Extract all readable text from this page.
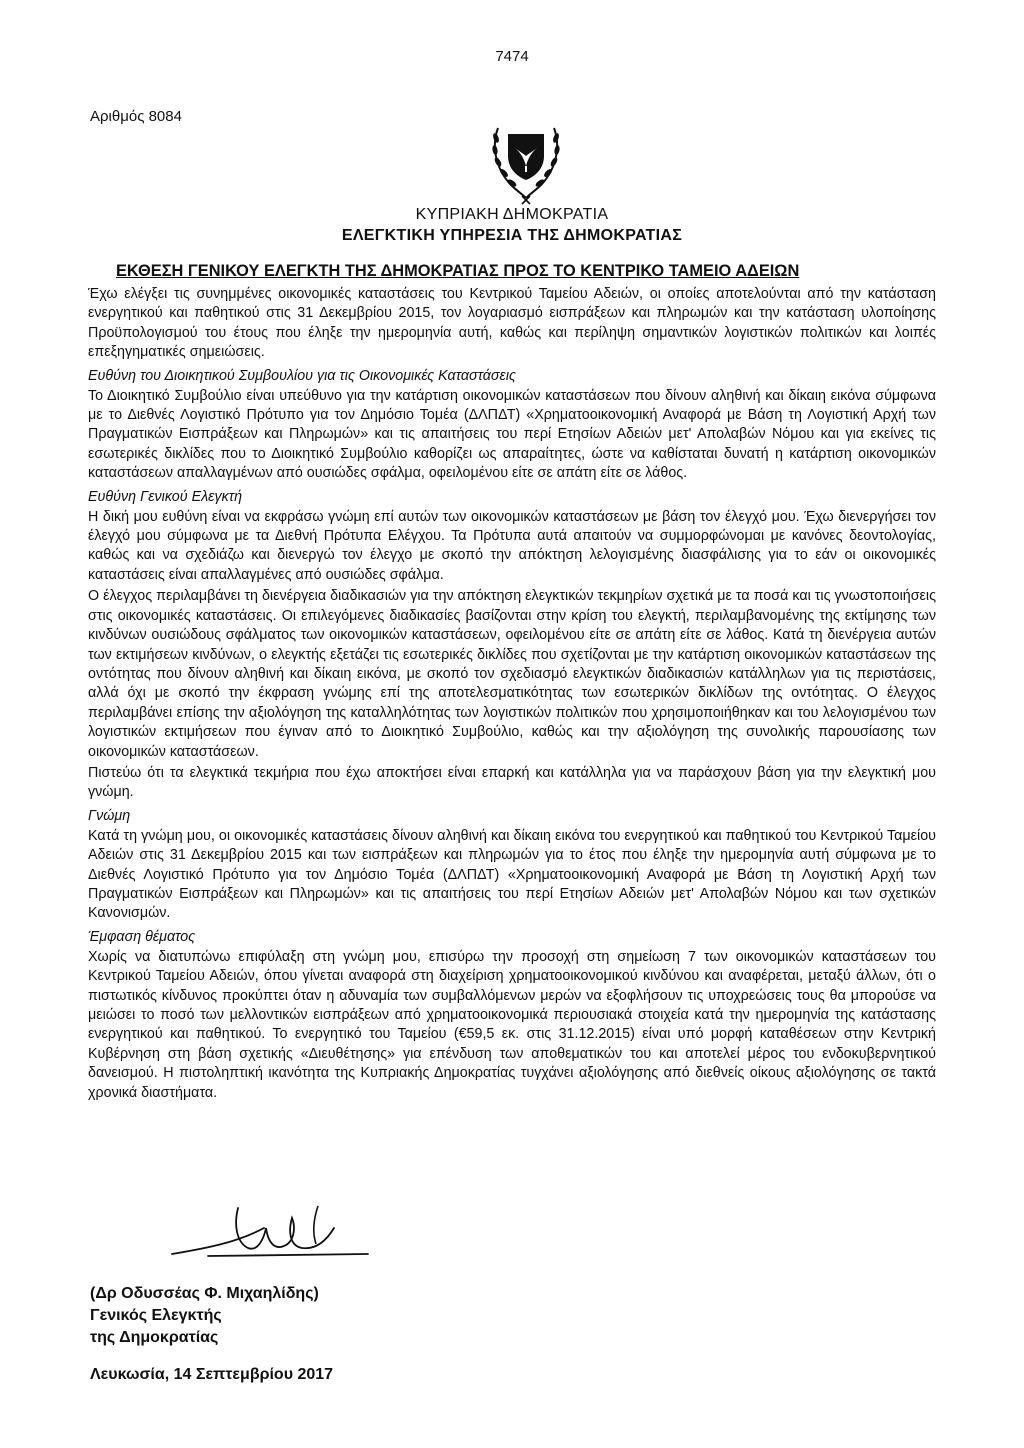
7474
Αριθμός 8084
ΚΥΠΡΙΑΚΗ ΔΗΜΟΚΡΑΤΙΑ
ΕΛΕΓΚΤΙΚΗ ΥΠΗΡΕΣΙΑ ΤΗΣ ΔΗΜΟΚΡΑΤΙΑΣ
ΕΚΘΕΣΗ ΓΕΝΙΚΟΥ ΕΛΕΓΚΤΗ ΤΗΣ ΔΗΜΟΚΡΑΤΙΑΣ ΠΡΟΣ ΤΟ ΚΕΝΤΡΙΚΟ ΤΑΜΕΙΟ ΑΔΕΙΩΝ

Έχω ελέγξει τις συνημμένες οικονομικές καταστάσεις του Κεντρικού Ταμείου Αδειών, οι οποίες αποτελούνται από την κατάσταση ενεργητικού και παθητικού στις 31 Δεκεμβρίου 2015, τον λογαριασμό εισπράξεων και πληρωμών και την κατάσταση υλοποίησης Προϋπολογισμού του έτους που έληξε την ημερομηνία αυτή, καθώς και περίληψη σημαντικών λογιστικών πολιτικών και λοιπές επεξηγηματικές σημειώσεις.

Ευθύνη του Διοικητικού Συμβουλίου για τις Οικονομικές Καταστάσεις

Το Διοικητικό Συμβούλιο είναι υπεύθυνο για την κατάρτιση οικονομικών καταστάσεων που δίνουν αληθινή και δίκαιη εικόνα σύμφωνα με το Διεθνές Λογιστικό Πρότυπο για τον Δημόσιο Τομέα (ΔΛΠΔΤ) «Χρηματοοικονομική Αναφορά με Βάση τη Λογιστική Αρχή των Πραγματικών Εισπράξεων και Πληρωμών» και τις απαιτήσεις του περί Ετησίων Αδειών μετ' Απολαβών Νόμου και για εκείνες τις εσωτερικές δικλίδες που το Διοικητικό Συμβούλιο καθορίζει ως απαραίτητες, ώστε να καθίσταται δυνατή η κατάρτιση οικονομικών καταστάσεων απαλλαγμένων από ουσιώδες σφάλμα, οφειλομένου είτε σε απάτη είτε σε λάθος.

Ευθύνη Γενικού Ελεγκτή

Η δική μου ευθύνη είναι να εκφράσω γνώμη επί αυτών των οικονομικών καταστάσεων με βάση τον έλεγχό μου. Έχω διενεργήσει τον έλεγχό μου σύμφωνα με τα Διεθνή Πρότυπα Ελέγχου. Τα Πρότυπα αυτά απαιτούν να συμμορφώνομαι με κανόνες δεοντολογίας, καθώς και να σχεδιάζω και διενεργώ τον έλεγχο με σκοπό την απόκτηση λελογισμένης διασφάλισης για το εάν οι οικονομικές καταστάσεις είναι απαλλαγμένες από ουσιώδες σφάλμα.

Ο έλεγχος περιλαμβάνει τη διενέργεια διαδικασιών για την απόκτηση ελεγκτικών τεκμηρίων σχετικά με τα ποσά και τις γνωστοποιήσεις στις οικονομικές καταστάσεις. Οι επιλεγόμενες διαδικασίες βασίζονται στην κρίση του ελεγκτή, περιλαμβανομένης της εκτίμησης των κινδύνων ουσιώδους σφάλματος των οικονομικών καταστάσεων, οφειλομένου είτε σε απάτη είτε σε λάθος. Κατά τη διενέργεια αυτών των εκτιμήσεων κινδύνων, ο ελεγκτής εξετάζει τις εσωτερικές δικλίδες που σχετίζονται με την κατάρτιση οικονομικών καταστάσεων της οντότητας που δίνουν αληθινή και δίκαιη εικόνα, με σκοπό τον σχεδιασμό ελεγκτικών διαδικασιών κατάλληλων για τις περιστάσεις, αλλά όχι με σκοπό την έκφραση γνώμης επί της αποτελεσματικότητας των εσωτερικών δικλίδων της οντότητας. Ο έλεγχος περιλαμβάνει επίσης την αξιολόγηση της καταλληλότητας των λογιστικών πολιτικών που χρησιμοποιήθηκαν και του λελογισμένου των λογιστικών εκτιμήσεων που έγιναν από το Διοικητικό Συμβούλιο, καθώς και την αξιολόγηση της συνολικής παρουσίασης των οικονομικών καταστάσεων.

Πιστεύω ότι τα ελεγκτικά τεκμήρια που έχω αποκτήσει είναι επαρκή και κατάλληλα για να παράσχουν βάση για την ελεγκτική μου γνώμη.

Γνώμη

Κατά τη γνώμη μου, οι οικονομικές καταστάσεις δίνουν αληθινή και δίκαιη εικόνα του ενεργητικού και παθητικού του Κεντρικού Ταμείου Αδειών στις 31 Δεκεμβρίου 2015 και των εισπράξεων και πληρωμών για το έτος που έληξε την ημερομηνία αυτή σύμφωνα με το Διεθνές Λογιστικό Πρότυπο για τον Δημόσιο Τομέα (ΔΛΠΔΤ) «Χρηματοοικονομική Αναφορά με Βάση τη Λογιστική Αρχή των Πραγματικών Εισπράξεων και Πληρωμών» και τις απαιτήσεις του περί Ετησίων Αδειών μετ' Απολαβών Νόμου και των σχετικών Κανονισμών.

Έμφαση θέματος

Χωρίς να διατυπώνω επιφύλαξη στη γνώμη μου, επισύρω την προσοχή στη σημείωση 7 των οικονομικών καταστάσεων του Κεντρικού Ταμείου Αδειών, όπου γίνεται αναφορά στη διαχείριση χρηματοοικονομικού κινδύνου και αναφέρεται, μεταξύ άλλων, ότι ο πιστωτικός κίνδυνος προκύπτει όταν η αδυναμία των συμβαλλόμενων μερών να εξοφλήσουν τις υποχρεώσεις τους θα μπορούσε να μειώσει το ποσό των μελλοντικών εισπράξεων από χρηματοοικονομικά περιουσιακά στοιχεία κατά την ημερομηνία της κατάστασης ενεργητικού και παθητικού. Το ενεργητικό του Ταμείου (€59,5 εκ. στις 31.12.2015) είναι υπό μορφή καταθέσεων στην Κεντρική Κυβέρνηση στη βάση σχετικής «Διευθέτησης» για επένδυση των αποθεματικών του και αποτελεί μέρος του ενδοκυβερνητικού δανεισμού. Η πιστοληπτική ικανότητα της Κυπριακής Δημοκρατίας τυγχάνει αξιολόγησης από διεθνείς οίκους αξιολόγησης σε τακτά χρονικά διαστήματα.

(Δρ Οδυσσέας Φ. Μιχαηλίδης)
Γενικός Ελεγκτής
της Δημοκρατίας
Λευκωσία, 14 Σεπτεμβρίου 2017
